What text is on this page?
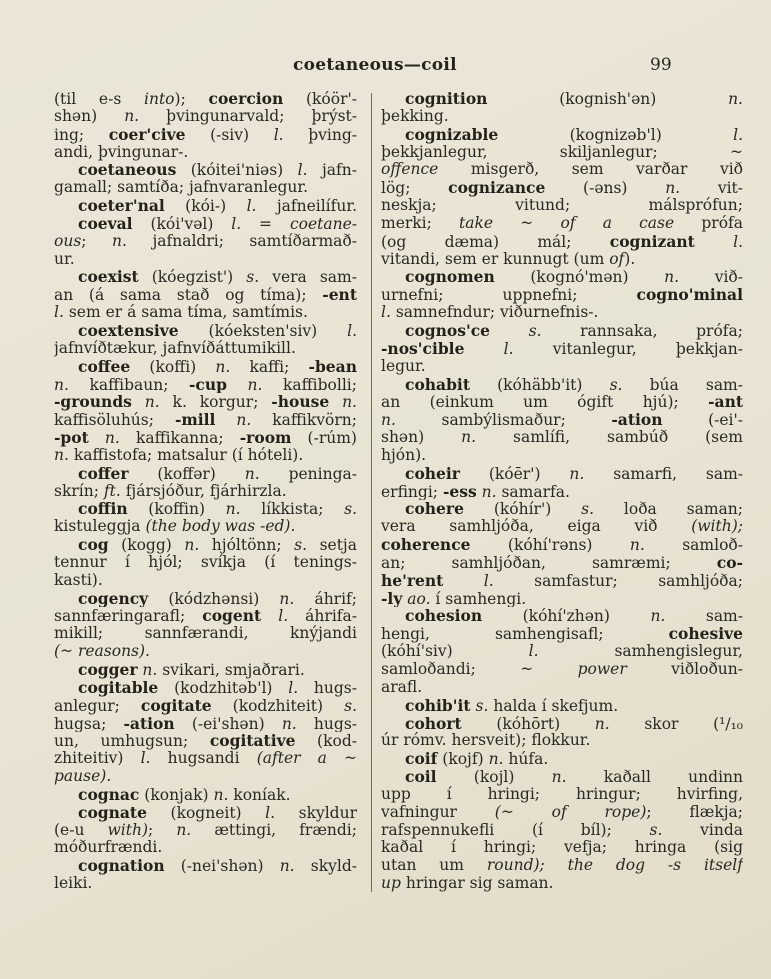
coetaneous—coil	99
(til e-s into); coercion (kóör'-
shən) n. þvingunarvald; þrýst-
ing; coer'cive (-siv) l. þving-
andi, þvingunar-.
coetaneous (kóitei'niəs) l. jafn-
gamall; samtíða; jafnvaranlegur.
coeter'nal (kói-) l. jafneilífur.
coeval (kói'vəl) l. = coetane-
ous; n. jafnaldri; samtíðarmað-
ur.
coexist (kóegzist') s. vera sam-
an (á sama stað og tíma); -ent
l. sem er á sama tíma, samtímis.
coextensive (kóeksten'siv) l.
jafnvíðtækur, jafnvíðáttumikill.
coffee (koffi) n. kaffi; -bean
n. kaffibaun; -cup n. kaffibolli;
-grounds n. k. korgur; -house n.
kaffisöluhús; -mill n. kaffikvörn;
-pot n. kaffikanna; -room (-rúm)
n. kaffistofa; matsalur (í hóteli).
coffer (koffər) n. peninga-
skrín; ft. fjársjóður, fjárhirzla.
coffin (koffin) n. líkkista; s.
kistuleggja (the body was -ed).
cog (kogg) n. hjóltönn; s. setja
tennur í hjól; svíkja (í tenings-
kasti).
cogency (kódzhənsi) n. áhrif;
sannfæringarafl; cogent l. áhrifa-
mikill; sannfærandi, knýjandi
(~ reasons).
cogger n. svikari, smjaðrari.
cogitable (kodzhitəb'l) l. hugs-
anlegur; cogitate (kodzhiteit) s.
hugsa; -ation (-ei'shən) n. hugs-
un, umhugsun; cogitative (kod-
zhiteitiv) l. hugsandi (after a ~
pause).
cognac (konjak) n. koníak.
cognate (kogneit) l. skyldur
(e-u with); n. ættingi, frændi;
móðurfrændi.
cognation (-nei'shən) n. skyld-
leiki.
cognition (kognish'ən) n.
þekking.
cognizable (kognizəb'l) l.
þekkjanlegur, skiljanlegur; ~
offence misgerð, sem varðar við
lög; cognizance (-əns) n. vit-
neskja; vitund; málsprófun;
merki; take ~ of a case prófa
(og dæma) mál; cognizant l.
vitandi, sem er kunnugt (um of).
cognomen (kognó'mən) n. við-
urnefni; uppnefni; cogno'minal
l. samnefndur; viðurnefnis-.
cognos'ce s. rannsaka, prófa;
-nos'cible	l. vitanlegur, þekkjan-
legur.
cohabit (kóhäbb'it) s. búa sam-
an (einkum um ógift hjú); -ant
n. sambýlismaður; -ation (-ei'-
shən) n. samlífi, sambúð (sem
hjón).
coheir (kóēr') n. samarfi, sam-
erfingi; -ess n. samarfa.
cohere (kóhír') s. loða saman;
vera samhljóða, eiga við (with);
coherence (kóhí'rəns) n. samloð-
an; samhljóðan, samræmi; co-
he'rent	l. samfastur; samhljóða;
-ly ao. í samhengi.
cohesion (kóhí'zhən) n. sam-
hengi, samhengisafl; cohesive
(kóhí'siv) l. samhengislegur,
samloðandi; ~ power viðloðun-
arafl.
cohib'it s. halda í skefjum.
cohort (kóhōrt) n. skor (¹/₁₀
úr rómv. hersveit); flokkur.
coif (kojf) n. húfa.
coil (kojl) n. kaðall undinn
upp í hringi; hringur; hvirfing,
vafningur (~ of rope); flækja;
rafspennukefli (í bíl); s. vinda
kaðal í hringi; vefja; hringa (sig
utan um round); the dog -s itself
up hringar sig saman.
